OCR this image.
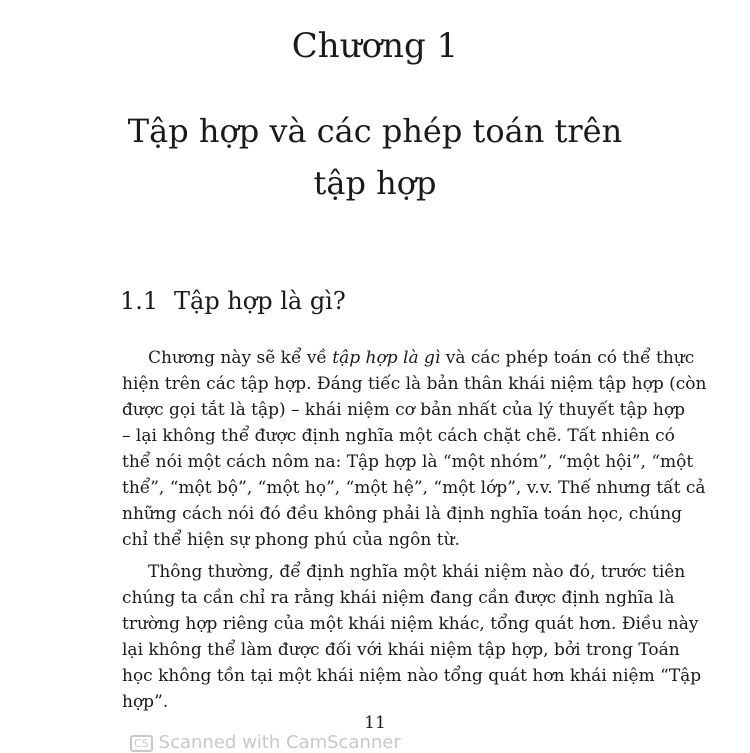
Chương 1
Tập hợp và các phép toán trên
tập hợp
1.1 Tập hợp là gì?
Chương này sẽ kể về tập hợp là gì và các phép toán có thể thực
hiện trên các tập hợp. Đáng tiếc là bản thân khái niệm tập hợp (còn
được gọi tắt là tập) – khái niệm cơ bản nhất của lý thuyết tập hợp
– lại không thể được định nghĩa một cách chặt chẽ. Tất nhiên có
thể nói một cách nôm na: Tập hợp là “một nhóm”, “một hội”, “một
thể”, “một bộ”, “một họ”, “một hệ”, “một lớp”, v.v. Thế nhưng tất cả
những cách nói đó đều không phải là định nghĩa toán học, chúng
chỉ thể hiện sự phong phú của ngôn từ.
Thông thường, để định nghĩa một khái niệm nào đó, trước tiên
chúng ta cần chỉ ra rằng khái niệm đang cần được định nghĩa là
trường hợp riêng của một khái niệm khác, tổng quát hơn. Điều này
lại không thể làm được đối với khái niệm tập hợp, bởi trong Toán
học không tồn tại một khái niệm nào tổng quát hơn khái niệm “Tập
hợp”.
11
CS Scanned with CamScanner
